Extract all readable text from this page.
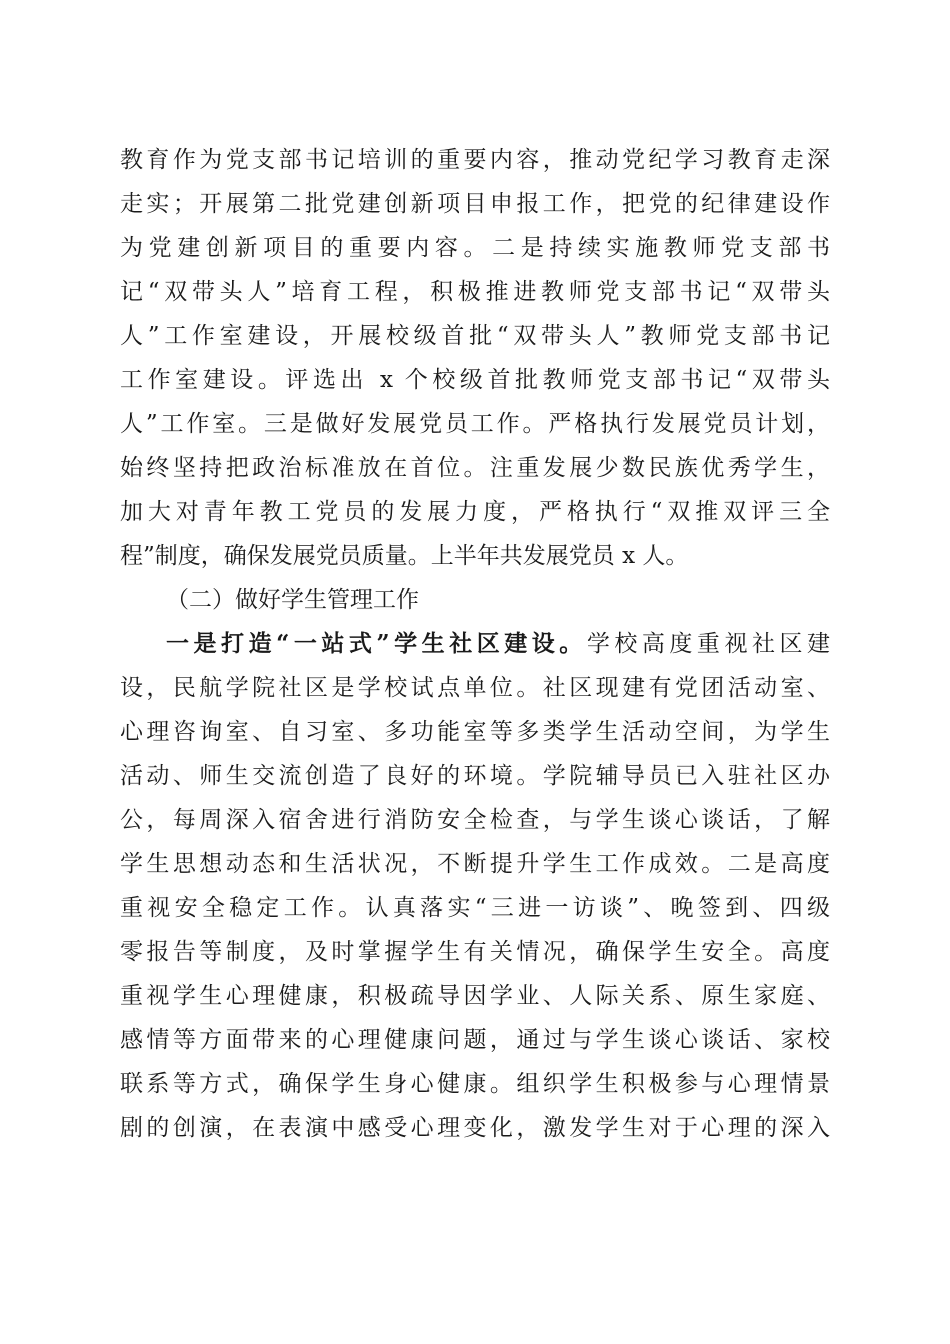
教育作为党支部书记培训的重要内容，推动党纪学习教育走深
走实；开展第二批党建创新项目申报工作，把党的纪律建设作
为党建创新项目的重要内容。二是持续实施教师党支部书
记“双带头人”培育工程，积极推进教师党支部书记“双带头
人”工作室建设，开展校级首批“双带头人”教师党支部书记
工作室建设。评选出 x 个校级首批教师党支部书记“双带头
人”工作室。三是做好发展党员工作。严格执行发展党员计划，
始终坚持把政治标准放在首位。注重发展少数民族优秀学生，
加大对青年教工党员的发展力度，严格执行“双推双评三全
程”制度，确保发展党员质量。上半年共发展党员 x 人。
（二）做好学生管理工作
一是打造“一站式”学生社区建设。学校高度重视社区建
设，民航学院社区是学校试点单位。社区现建有党团活动室、
心理咨询室、自习室、多功能室等多类学生活动空间，为学生
活动、师生交流创造了良好的环境。学院辅导员已入驻社区办
公，每周深入宿舍进行消防安全检查，与学生谈心谈话，了解
学生思想动态和生活状况，不断提升学生工作成效。二是高度
重视安全稳定工作。认真落实“三进一访谈”、晚签到、四级
零报告等制度，及时掌握学生有关情况，确保学生安全。高度
重视学生心理健康，积极疏导因学业、人际关系、原生家庭、
感情等方面带来的心理健康问题，通过与学生谈心谈话、家校
联系等方式，确保学生身心健康。组织学生积极参与心理情景
剧的创演，在表演中感受心理变化，激发学生对于心理的深入
